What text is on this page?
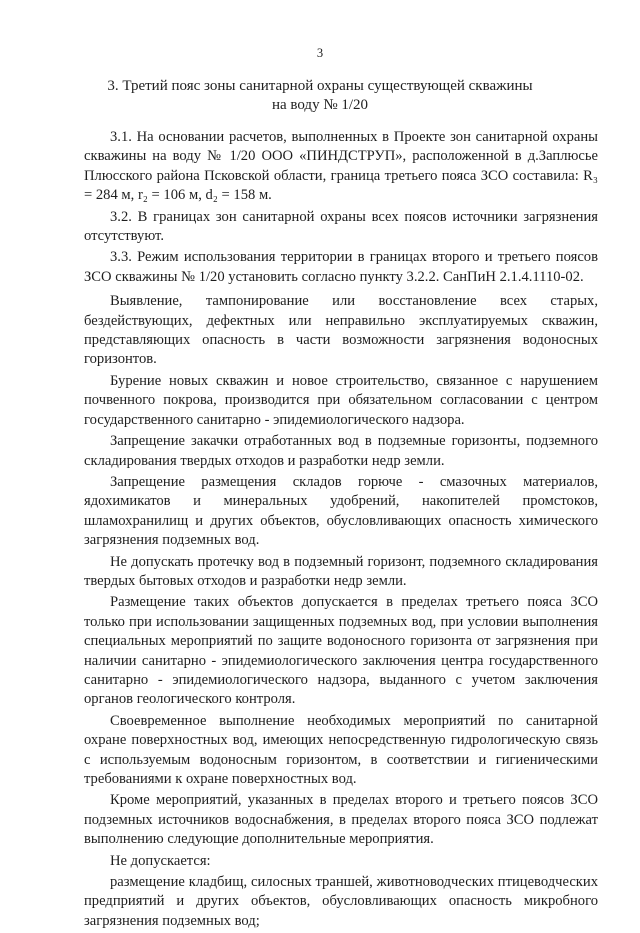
3
3. Третий пояс зоны санитарной охраны существующей скважины
на воду № 1/20

3.1. На основании расчетов, выполненных в Проекте зон санитарной охраны скважины на воду № 1/20 ООО «ПИНДСТРУП», расположенной в д.Заплюсье Плюсского района Псковской области, граница третьего пояса ЗСО составила: R₃ = 284 м, r₂ = 106 м, d₂ = 158 м.

3.2. В границах зон санитарной охраны всех поясов источники загрязнения отсутствуют.

3.3. Режим использования территории в границах второго и третьего поясов ЗСО скважины № 1/20 установить согласно пункту 3.2.2. СанПиН 2.1.4.1110-02.

Выявление, тампонирование или восстановление всех старых, бездействующих, дефектных или неправильно эксплуатируемых скважин, представляющих опасность в части возможности загрязнения водоносных горизонтов.

Бурение новых скважин и новое строительство, связанное с нарушением почвенного покрова, производится при обязательном согласовании с центром государственного санитарно - эпидемиологического надзора.

Запрещение закачки отработанных вод в подземные горизонты, подземного складирования твердых отходов и разработки недр земли.

Запрещение размещения складов горюче - смазочных материалов, ядохимикатов и минеральных удобрений, накопителей промстоков, шламохранилищ и других объектов, обусловливающих опасность химического загрязнения подземных вод.

Не допускать протечку вод в подземный горизонт, подземного складирования твердых бытовых отходов и разработки недр земли.

Размещение таких объектов допускается в пределах третьего пояса ЗСО только при использовании защищенных подземных вод, при условии выполнения специальных мероприятий по защите водоносного горизонта от загрязнения при наличии санитарно - эпидемиологического заключения центра государственного санитарно - эпидемиологического надзора, выданного с учетом заключения органов геологического контроля.

Своевременное выполнение необходимых мероприятий по санитарной охране поверхностных вод, имеющих непосредственную гидрологическую связь с используемым водоносным горизонтом, в соответствии и гигиеническими требованиями к охране поверхностных вод.

Кроме мероприятий, указанных в пределах второго и третьего поясов ЗСО подземных источников водоснабжения, в пределах второго пояса ЗСО подлежат выполнению следующие дополнительные мероприятия.

Не допускается:

размещение кладбищ, силосных траншей, животноводческих птицеводческих предприятий и других объектов, обусловливающих опасность микробного загрязнения подземных вод;
